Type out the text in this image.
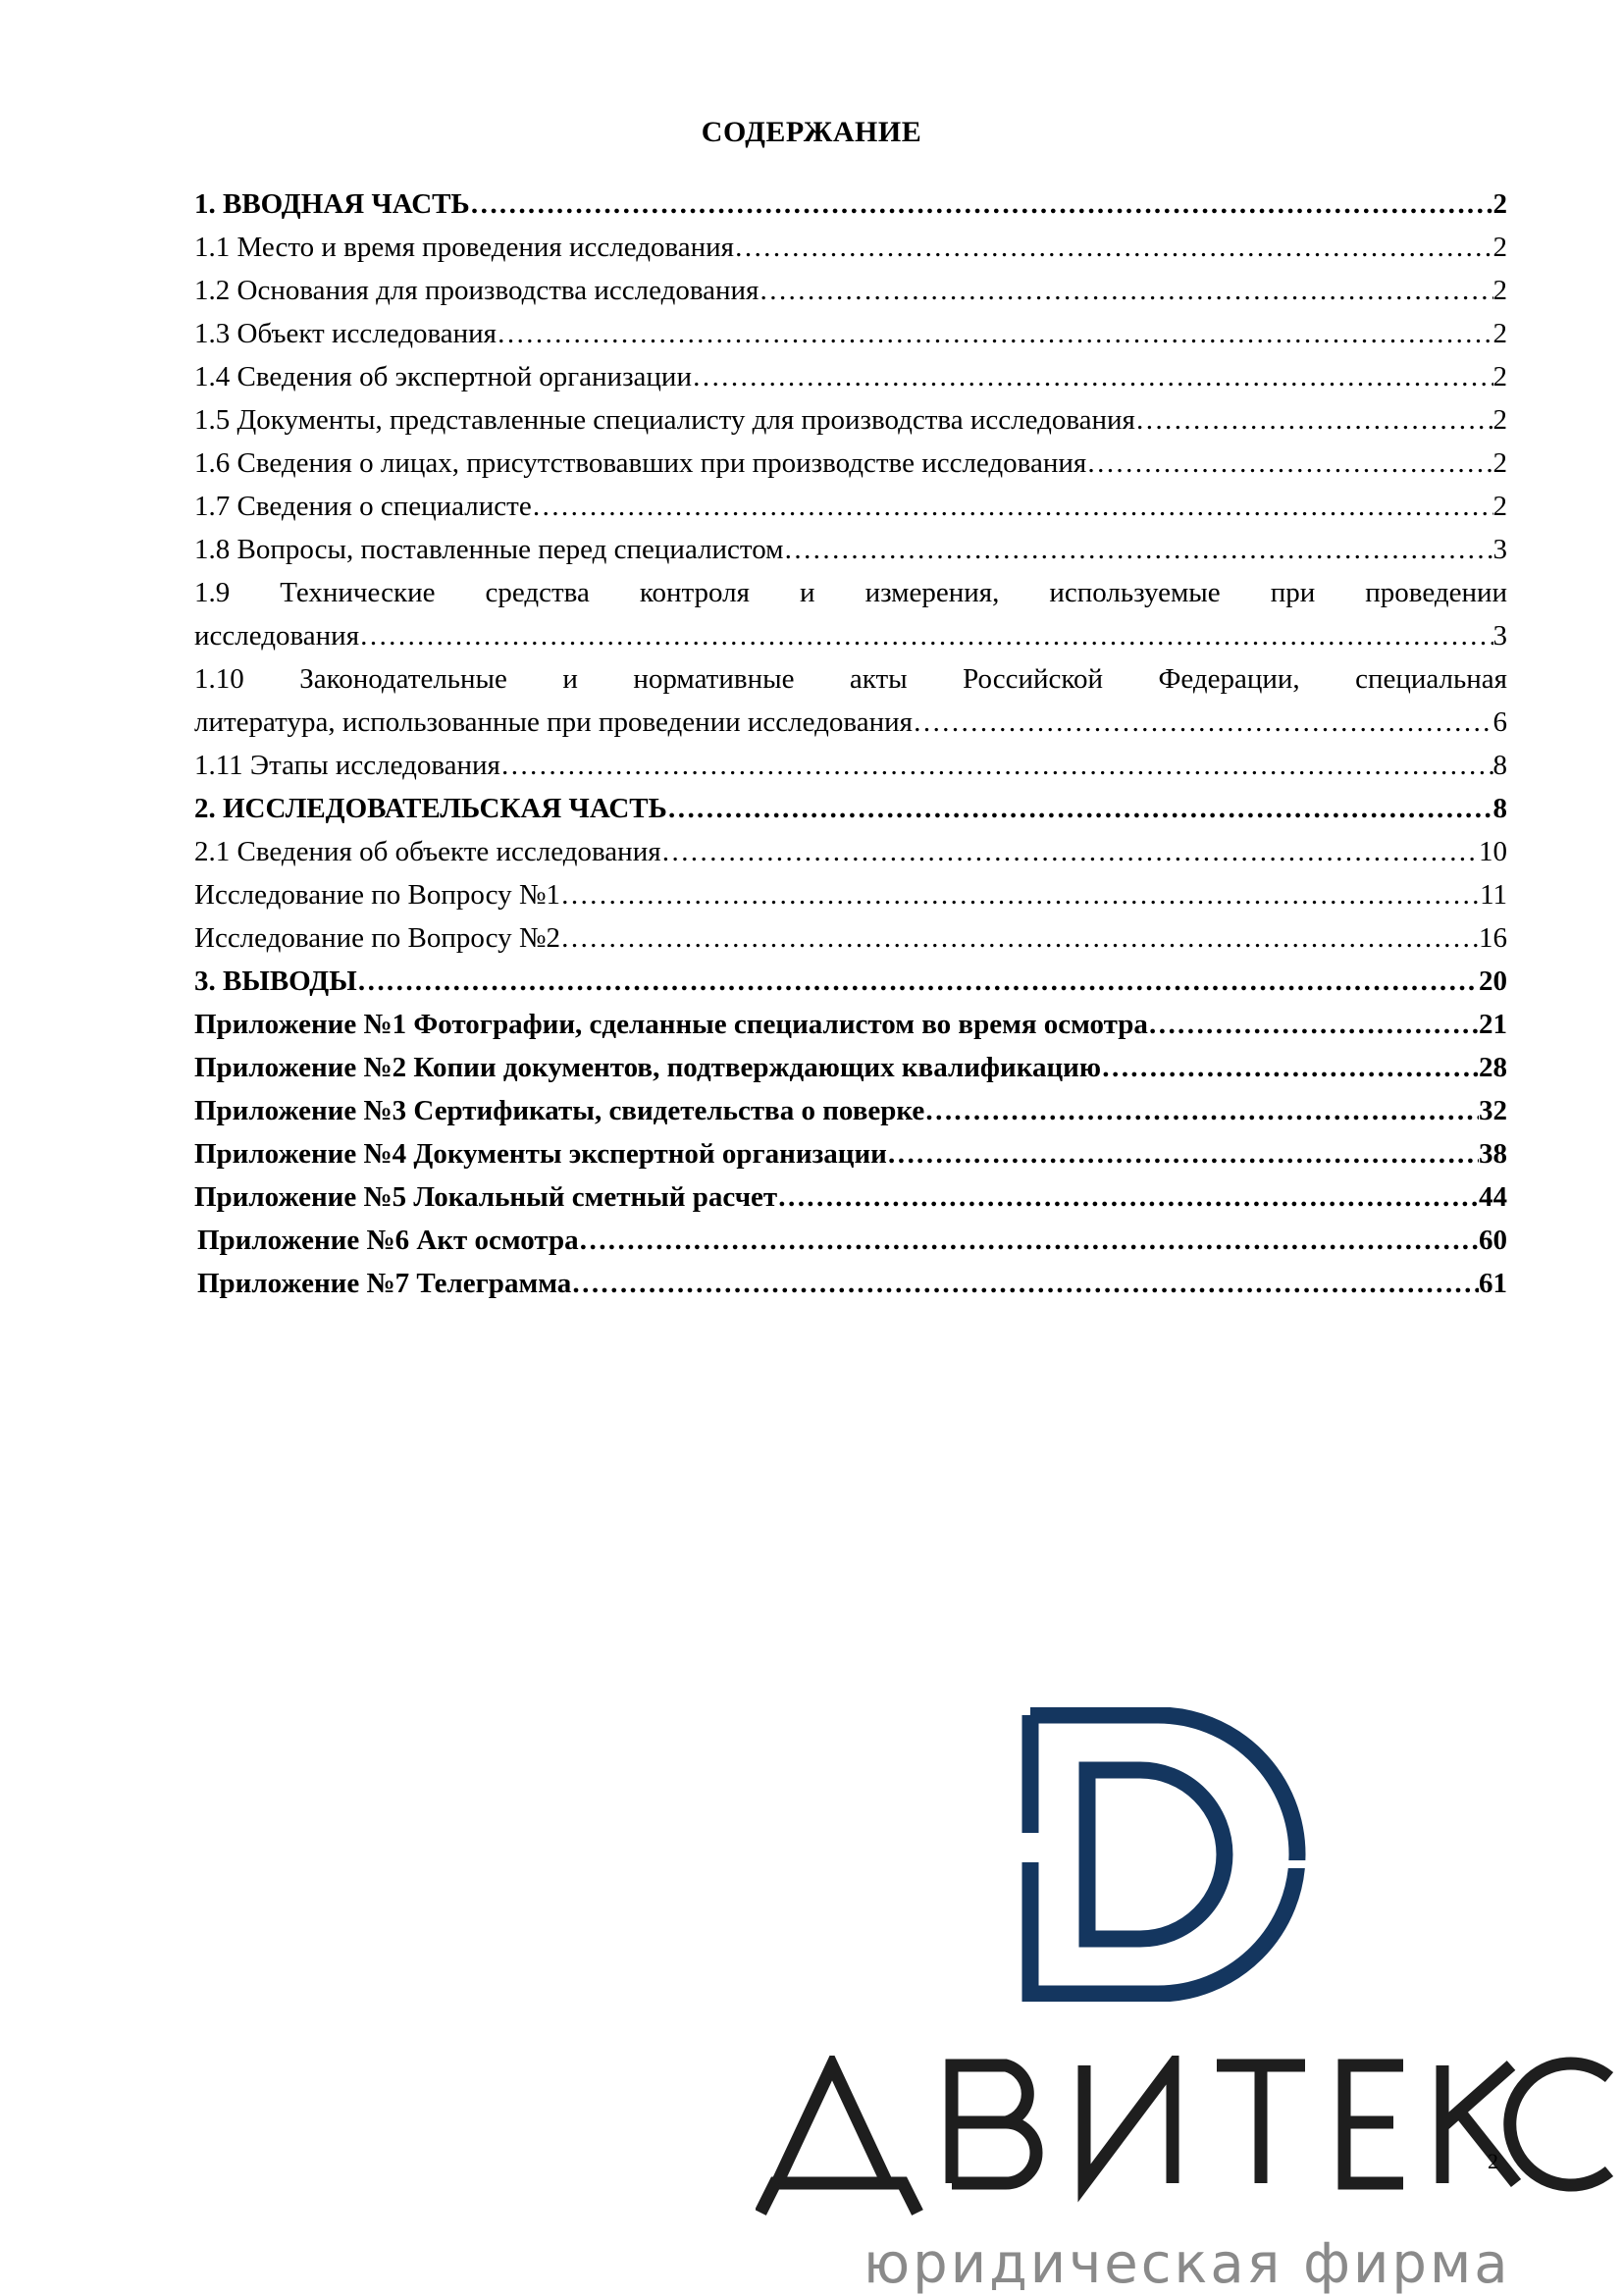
СОДЕРЖАНИЕ
1. ВВОДНАЯ ЧАСТЬ …………………………………………………………………………………………………………………………………………………………………………………………………………………………	2
1.1 Место и время проведения исследования …………………………………………………………………………………………………………………………………………………………………………………………………………………………	2
1.2 Основания для производства исследования …………………………………………………………………………………………………………………………………………………………………………………………………………………………	2
1.3 Объект исследования …………………………………………………………………………………………………………………………………………………………………………………………………………………………	2
1.4 Сведения об экспертной организации …………………………………………………………………………………………………………………………………………………………………………………………………………………………	2
1.5 Документы, представленные специалисту для производства исследования …………………………………………………………………………………………………………………………………………………………………………………………………………………………	2
1.6 Сведения о лицах, присутствовавших при производстве исследования …………………………………………………………………………………………………………………………………………………………………………………………………………………………	2
1.7 Сведения о специалисте …………………………………………………………………………………………………………………………………………………………………………………………………………………………	2
1.8 Вопросы, поставленные перед специалистом …………………………………………………………………………………………………………………………………………………………………………………………………………………………	3
1.9 Технические средства контроля и измерения, используемые при проведении
исследования …………………………………………………………………………………………………………………………………………………………………………………………………………………………	3
1.10 Законодательные и нормативные акты Российской Федерации, специальная
литература, использованные при проведении исследования …………………………………………………………………………………………………………………………………………………………………………………………………………………………	6
1.11 Этапы исследования …………………………………………………………………………………………………………………………………………………………………………………………………………………………	8
2. ИССЛЕДОВАТЕЛЬСКАЯ ЧАСТЬ …………………………………………………………………………………………………………………………………………………………………………………………………………………………	8
2.1 Сведения об объекте исследования …………………………………………………………………………………………………………………………………………………………………………………………………………………………	10
Исследование по Вопросу №1 …………………………………………………………………………………………………………………………………………………………………………………………………………………………	11
Исследование по Вопросу №2 …………………………………………………………………………………………………………………………………………………………………………………………………………………………	16
3. ВЫВОДЫ …………………………………………………………………………………………………………………………………………………………………………………………………………………………	20
Приложение №1 Фотографии, сделанные специалистом во время осмотра …………………………………………………………………………………………………………………………………………………………………………………………………………………………	21
Приложение №2 Копии документов, подтверждающих квалификацию …………………………………………………………………………………………………………………………………………………………………………………………………………………………	28
Приложение №3 Сертификаты, свидетельства о поверке …………………………………………………………………………………………………………………………………………………………………………………………………………………………	32
Приложение №4 Документы экспертной организации …………………………………………………………………………………………………………………………………………………………………………………………………………………………	38
Приложение №5 Локальный сметный расчет …………………………………………………………………………………………………………………………………………………………………………………………………………………………	44
Приложение №6 Акт осмотра …………………………………………………………………………………………………………………………………………………………………………………………………………………………	60
Приложение №7 Телеграмма …………………………………………………………………………………………………………………………………………………………………………………………………………………………	61
юридическая фирма
2
